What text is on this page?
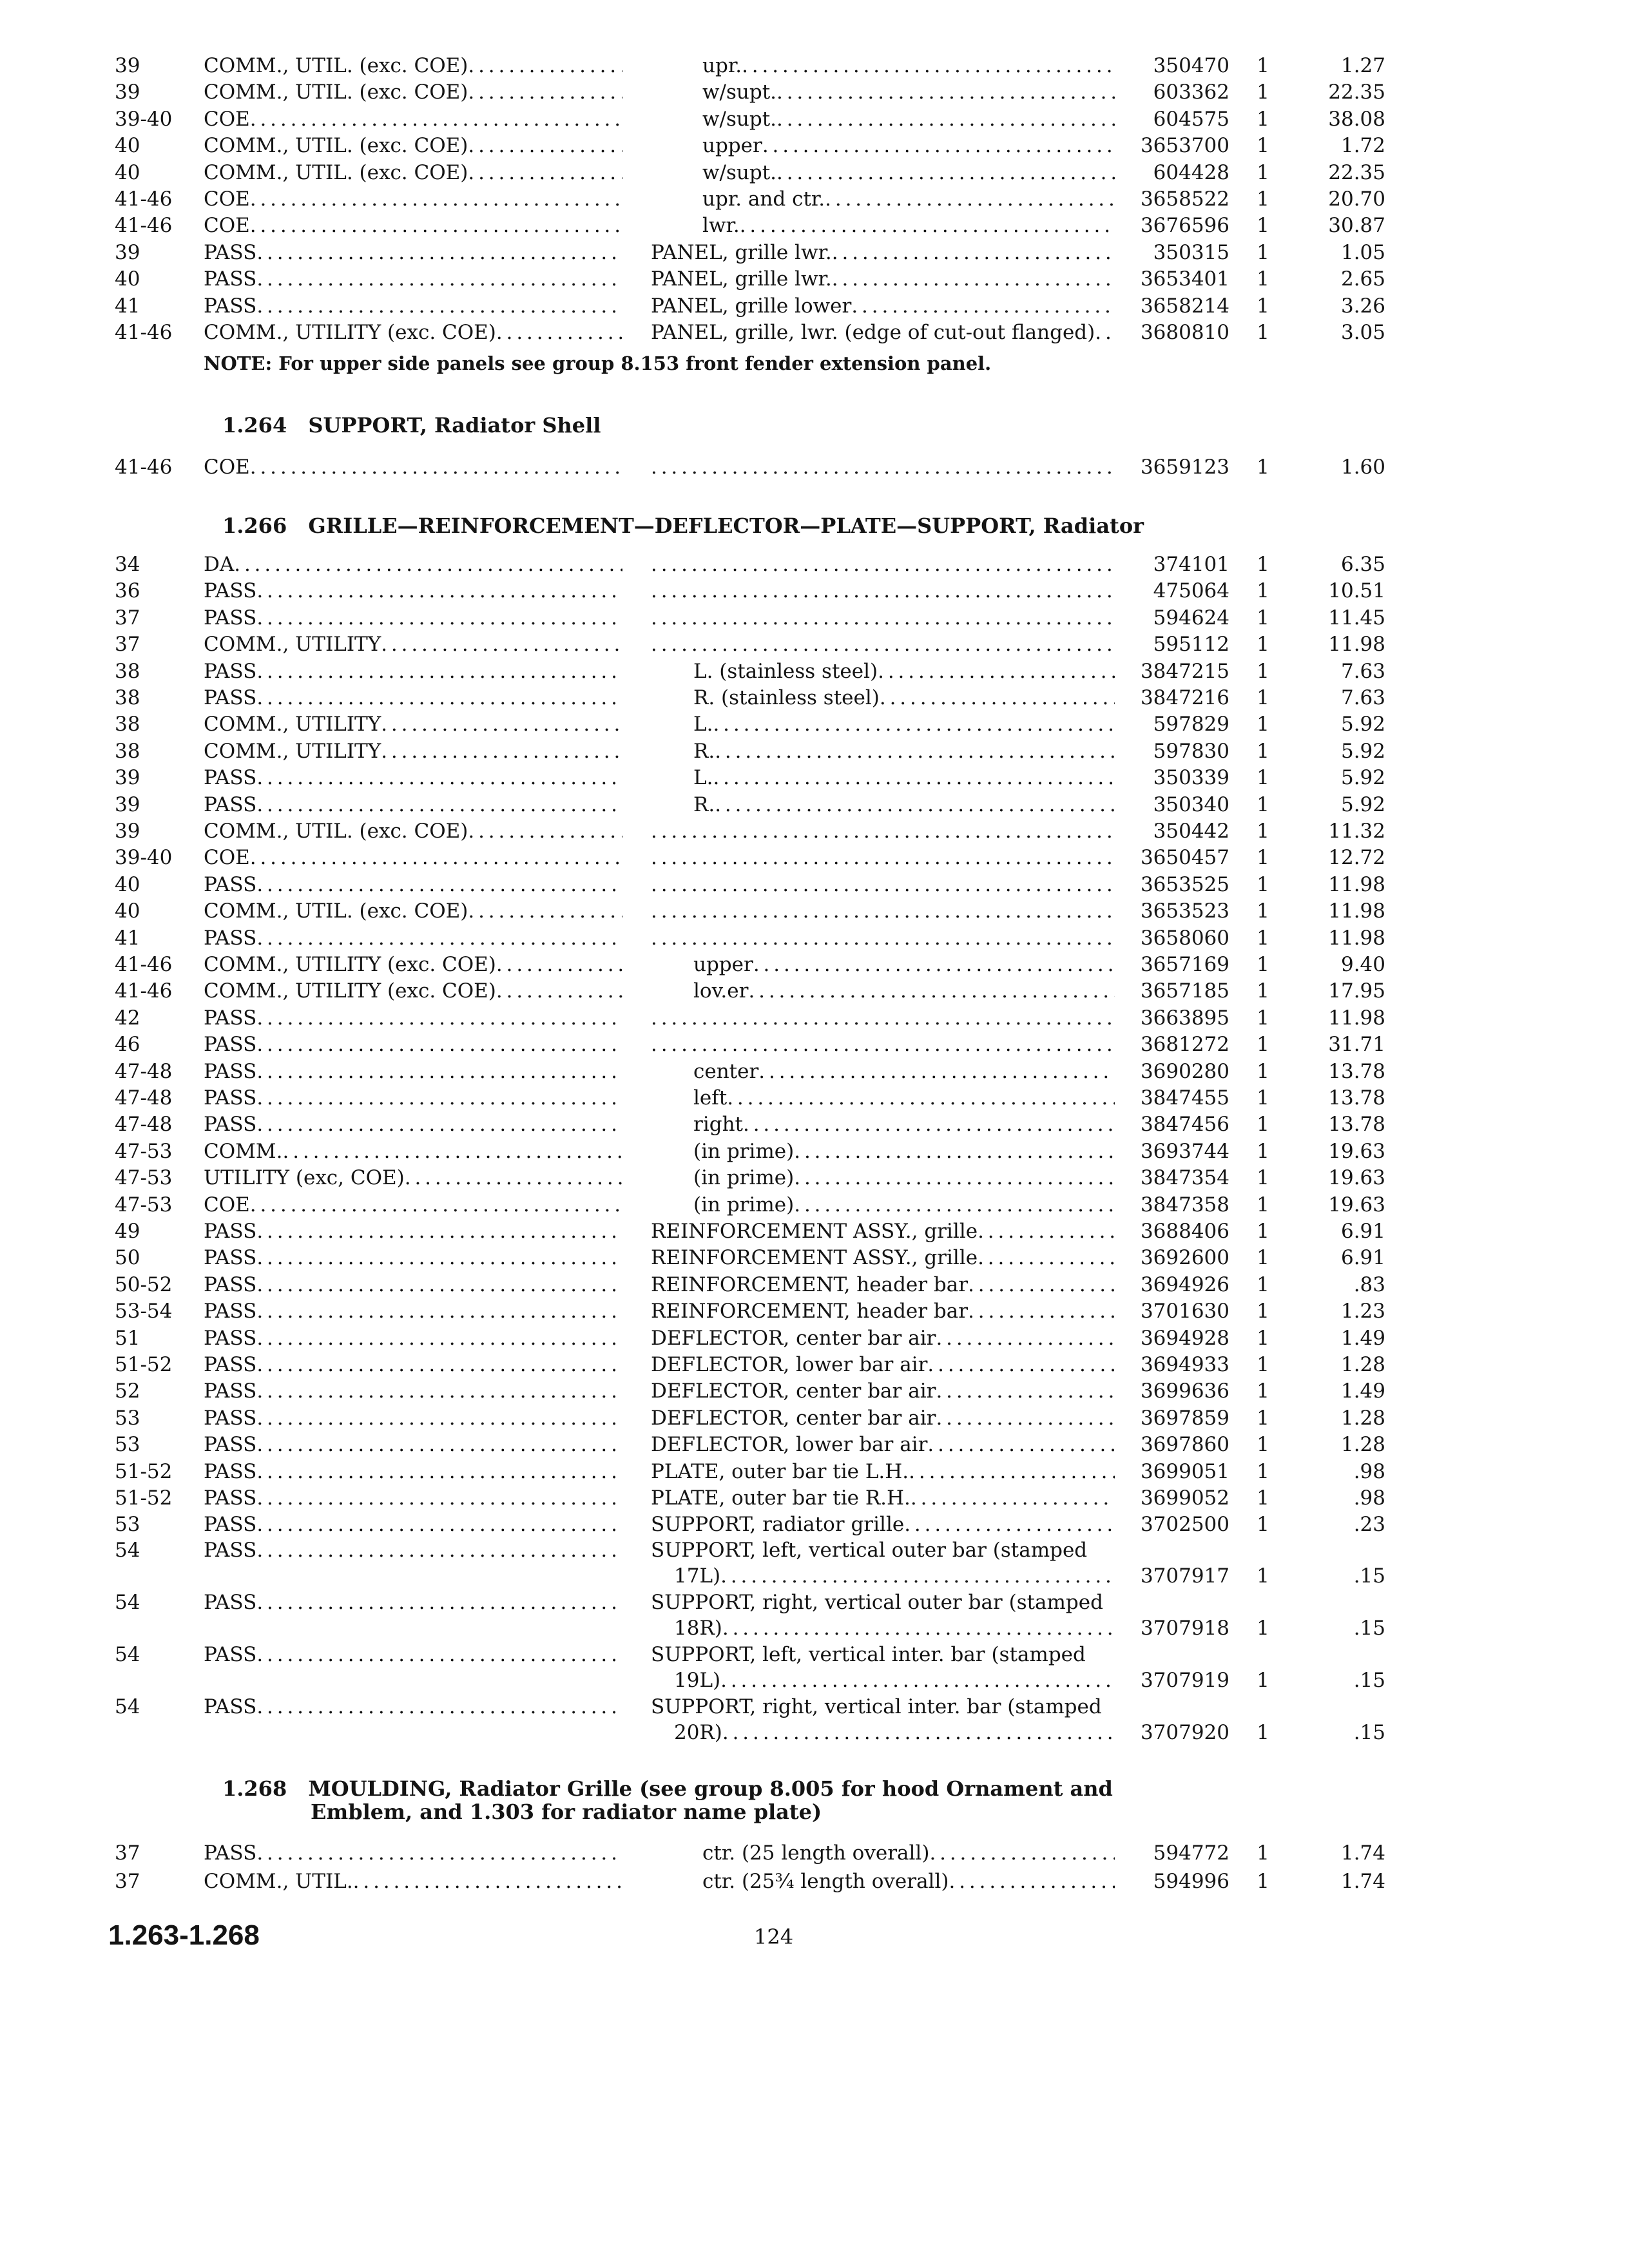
39	COMM., UTIL. (exc. COE) . . .	upr. . . .	350470	1	1.27
39	COMM., UTIL. (exc. COE) . . .	w/supt. . . .	603362	1	22.35
39-40	COE . . .	w/supt. . . .	604575	1	38.08
40	COMM., UTIL. (exc. COE) . . .	upper . . .	3653700	1	1.72
40	COMM., UTIL. (exc. COE) . . .	w/supt. . . .	604428	1	22.35
41-46	COE . . .	upr. and ctr. . . .	3658522	1	20.70
41-46	COE . . .	lwr. . . .	3676596	1	30.87
39	PASS . . .	PANEL, grille lwr. . . .	350315	1	1.05
40	PASS . . .	PANEL, grille lwr. . . .	3653401	1	2.65
41	PASS . . .	PANEL, grille lower . . .	3658214	1	3.26
41-46	COMM., UTILITY (exc. COE) . . .	PANEL, grille, lwr. (edge of cut-out flanged) . . .	3680810	1	3.05
NOTE: For upper side panels see group 8.153 front fender extension panel.
1.264 SUPPORT, Radiator Shell
41-46	COE . . . . . .	3659123	1	1.60
1.266 GRILLE—REINFORCEMENT—DEFLECTOR—PLATE—SUPPORT, Radiator
34	DA . . . . . .	374101	1	6.35
36	PASS . . . . . .	475064	1	10.51
37	PASS . . . . . .	594624	1	11.45
37	COMM., UTILITY . . . . . .	595112	1	11.98
38	PASS . . .	L. (stainless steel) . . .	3847215	1	7.63
38	PASS . . .	R. (stainless steel) . . .	3847216	1	7.63
38	COMM., UTILITY . . .	L. . . .	597829	1	5.92
38	COMM., UTILITY . . .	R. . . .	597830	1	5.92
39	PASS . . .	L. . . .	350339	1	5.92
39	PASS . . .	R. . . .	350340	1	5.92
39	COMM., UTIL. (exc. COE) . . . . . .	350442	1	11.32
39-40	COE . . . . . .	3650457	1	12.72
40	PASS . . . . . .	3653525	1	11.98
40	COMM., UTIL. (exc. COE) . . . . . .	3653523	1	11.98
41	PASS . . . . . .	3658060	1	11.98
41-46	COMM., UTILITY (exc. COE) . . .	upper . . .	3657169	1	9.40
41-46	COMM., UTILITY (exc. COE) . . .	lov.er . . .	3657185	1	17.95
42	PASS . . . . . .	3663895	1	11.98
46	PASS . . . . . .	3681272	1	31.71
47-48	PASS . . .	center . . .	3690280	1	13.78
47-48	PASS . . .	left . . .	3847455	1	13.78
47-48	PASS . . .	right . . .	3847456	1	13.78
47-53	COMM. . . .	(in prime) . . .	3693744	1	19.63
47-53	UTILITY (exc, COE) . . .	(in prime) . . .	3847354	1	19.63
47-53	COE . . .	(in prime) . . .	3847358	1	19.63
49	PASS . . .	REINFORCEMENT ASSY., grille . . .	3688406	1	6.91
50	PASS . . .	REINFORCEMENT ASSY., grille . . .	3692600	1	6.91
50-52	PASS . . .	REINFORCEMENT, header bar . . .	3694926	1	.83
53-54	PASS . . .	REINFORCEMENT, header bar . . .	3701630	1	1.23
51	PASS . . .	DEFLECTOR, center bar air . . .	3694928	1	1.49
51-52	PASS . . .	DEFLECTOR, lower bar air . . .	3694933	1	1.28
52	PASS . . .	DEFLECTOR, center bar air . . .	3699636	1	1.49
53	PASS . . .	DEFLECTOR, center bar air . . .	3697859	1	1.28
53	PASS . . .	DEFLECTOR, lower bar air . . .	3697860	1	1.28
51-52	PASS . . .	PLATE, outer bar tie L.H. . . .	3699051	1	.98
51-52	PASS . . .	PLATE, outer bar tie R.H. . . .	3699052	1	.98
53	PASS . . .	SUPPORT, radiator grille . . .	3702500	1	.23
54	PASS . . .	SUPPORT, left, vertical outer bar (stamped
17L) . . .	3707917	1	.15
54	PASS . . .	SUPPORT, right, vertical outer bar (stamped
18R)
. . .	3707918	1	.15
54	PASS . . .	SUPPORT, left, vertical inter. bar (stamped
19L) . . .	3707919	1	.15
54	PASS . . .	SUPPORT, right, vertical inter. bar (stamped
20R) . . .	3707920	1	.15
1.268 MOULDING, Radiator Grille (see group 8.005 for hood Ornament and
Emblem, and 1.303 for radiator name plate)
37	PASS . . .	ctr. (25 length overall) . . .	594772	1	1.74
37	COMM., UTIL. . . .	ctr. (25¾ length overall) . . .	594996	1	1.74
1.263-1.268	124
